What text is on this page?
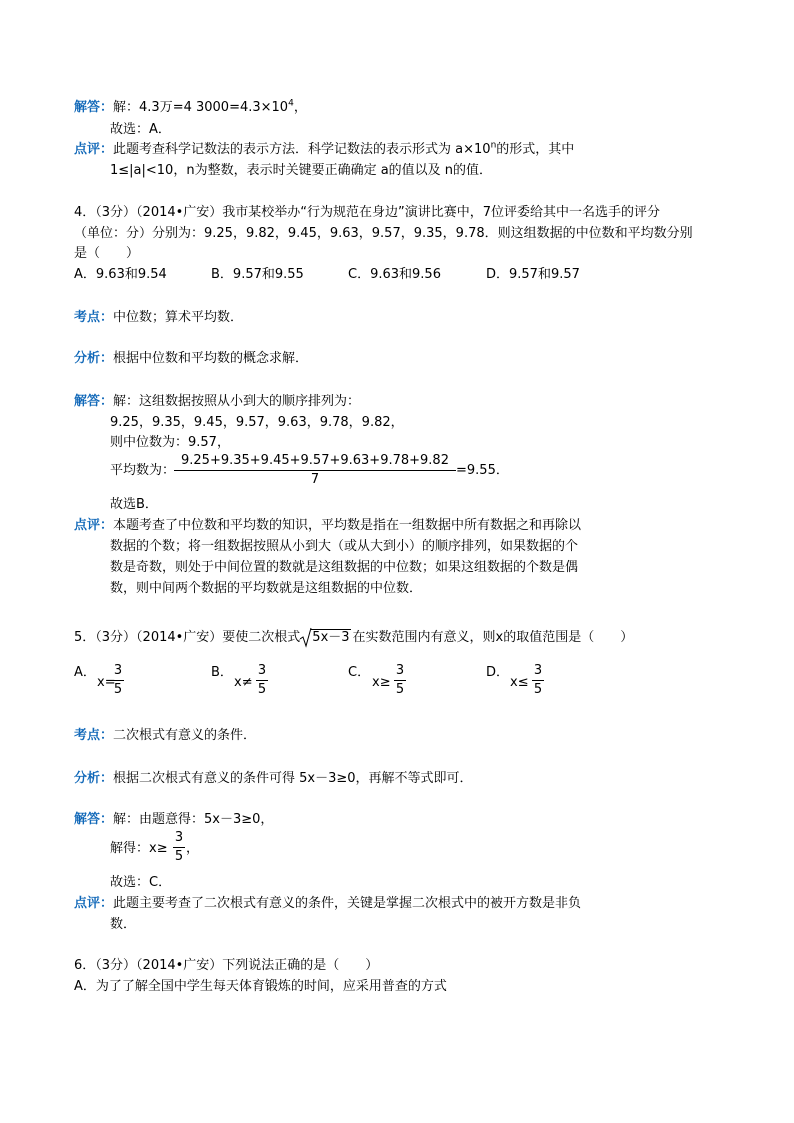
解答：解：4.3万=4 $3000=4.3\times 10^4$，
故选：A．
点评：此题考查科学记数法的表示方法．科学记数法的表示形式为 $a\times 10^n$的形式，其中
1≤|a|<10，n为整数，表示时关键要正确确定 a的值以及 n的值．
4．（3分）（2014•广安）我市某校举办“行为规范在身边”演讲比赛中，7位评委给其中一名选手的评分
（单位：分）分别为：9.25，9.82，9.45，9.63，9.57，9.35，9.78．则这组数据的中位数和平均数分别
是（　　）
A．9.63和9.54	B．9.57和9.55	C．9.63和9.56	D．9.57和9.57
考点：中位数；算术平均数．
分析：根据中位数和平均数的概念求解．
解答：解：这组数据按照从小到大的顺序排列为：
9.25，9.35，9.45，9.57，9.63，9.78，9.82，
则中位数为：9.57，
平均数为：
9.25+9.35+9.45+9.57+9.63+9.78+9.82
7
=9.55．
故选B．
点评：本题考查了中位数和平均数的知识，平均数是指在一组数据中所有数据之和再除以
数据的个数；将一组数据按照从小到大（或从大到小）的顺序排列，如果数据的个
数是奇数，则处于中间位置的数就是这组数据的中位数；如果这组数据的个数是偶
数，则中间两个数据的平均数就是这组数据的中位数．
5．（3分）（2014•广安）要使二次根式 5x－3 在实数范围内有意义，则x的取值范围是（　　）
A．
x=
3
5
B．
x≠
3
5
C．
x≥
3
5
D．
x≤
3
5
考点：二次根式有意义的条件．
分析：根据二次根式有意义的条件可得 5x－3≥0，再解不等式即可．
解答：解：由题意得：5x－3≥0，
解得：x≥
3
5
，
故选：C．
点评：此题主要考查了二次根式有意义的条件，关键是掌握二次根式中的被开方数是非负
数．
6．（3分）（2014•广安）下列说法正确的是（　　）
A．为了了解全国中学生每天体育锻炼的时间，应采用普查的方式
